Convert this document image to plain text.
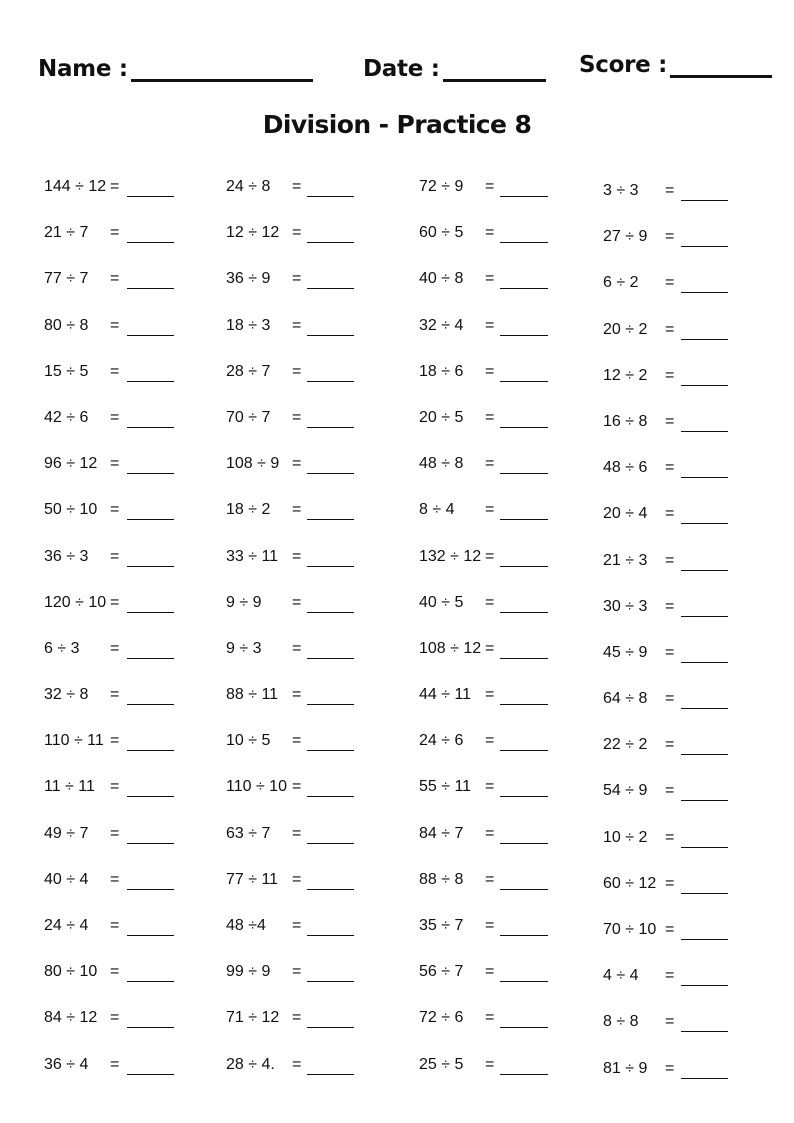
Name :	Date :	Score :
Division - Practice 8
144 ÷ 12 =
21 ÷ 7 =
77 ÷ 7 =
80 ÷ 8 =
15 ÷ 5 =
42 ÷ 6 =
96 ÷ 12 =
50 ÷ 10 =
36 ÷ 3 =
120 ÷ 10 =
6 ÷ 3 =
32 ÷ 8 =
110 ÷ 11 =
11 ÷ 11 =
49 ÷ 7 =
40 ÷ 4 =
24 ÷ 4 =
80 ÷ 10 =
84 ÷ 12 =
36 ÷ 4 =
24 ÷ 8 =
12 ÷ 12 =
36 ÷ 9 =
18 ÷ 3 =
28 ÷ 7 =
70 ÷ 7 =
108 ÷ 9 =
18 ÷ 2 =
33 ÷ 11 =
9 ÷ 9 =
9 ÷ 3 =
88 ÷ 11 =
10 ÷ 5 =
110 ÷ 10 =
63 ÷ 7 =
77 ÷ 11 =
48 ÷4 =
99 ÷ 9 =
71 ÷ 12 =
28 ÷ 4. =
72 ÷ 9 =
60 ÷ 5 =
40 ÷ 8 =
32 ÷ 4 =
18 ÷ 6 =
20 ÷ 5 =
48 ÷ 8 =
8 ÷ 4 =
132 ÷ 12 =
40 ÷ 5 =
108 ÷ 12 =
44 ÷ 11 =
24 ÷ 6 =
55 ÷ 11 =
84 ÷ 7 =
88 ÷ 8 =
35 ÷ 7 =
56 ÷ 7 =
72 ÷ 6 =
25 ÷ 5 =
3 ÷ 3 =
27 ÷ 9 =
6 ÷ 2 =
20 ÷ 2 =
12 ÷ 2 =
16 ÷ 8 =
48 ÷ 6 =
20 ÷ 4 =
21 ÷ 3 =
30 ÷ 3 =
45 ÷ 9 =
64 ÷ 8 =
22 ÷ 2 =
54 ÷ 9 =
10 ÷ 2 =
60 ÷ 12 =
70 ÷ 10 =
4 ÷ 4 =
8 ÷ 8 =
81 ÷ 9 =
